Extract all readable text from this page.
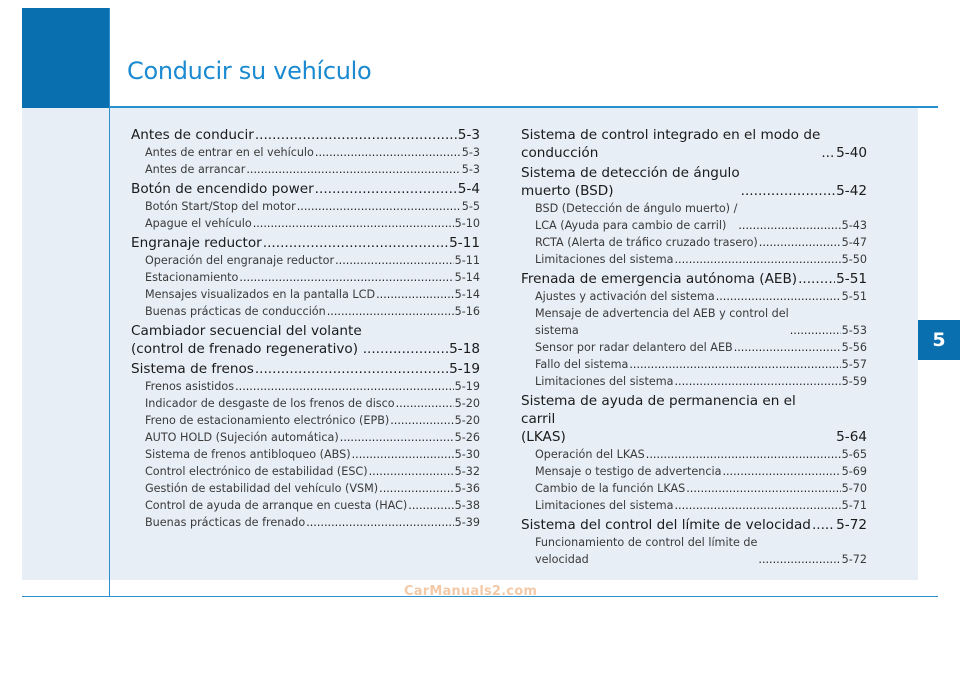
Conducir su vehículo
5
Antes de conducir .....	5-3
Antes de entrar en el vehículo .....	5-3
Antes de arrancar .....	5-3
Botón de encendido power .....	5-4
Botón Start/Stop del motor .....	5-5
Apague el vehículo .....	5-10
Engranaje reductor .....	5-11
Operación del engranaje reductor .....	5-11
Estacionamiento .....	5-14
Mensajes visualizados en la pantalla LCD .....	5-14
Buenas prácticas de conducción .....	5-16
Cambiador secuencial del volante
(control de frenado regenerativo) .....	5-18
Sistema de frenos .....	5-19
Frenos asistidos .....	5-19
Indicador de desgaste de los frenos de disco .....	5-20
Freno de estacionamiento electrónico (EPB) .....	5-20
AUTO HOLD (Sujeción automática) .....	5-26
Sistema de frenos antibloqueo (ABS) .....	5-30
Control electrónico de estabilidad (ESC) .....	5-32
Gestión de estabilidad del vehículo (VSM) .....	5-36
Control de ayuda de arranque en cuesta (HAC) .....	5-38
Buenas prácticas de frenado .....	5-39
Sistema de control integrado en el modo de
conducción .....	5-40
Sistema de detección de ángulo
muerto (BSD) .....	5-42
BSD (Detección de ángulo muerto) /
LCA (Ayuda para cambio de carril) .....	5-43
RCTA (Alerta de tráfico cruzado trasero) .....	5-47
Limitaciones del sistema .....	5-50
Frenada de emergencia autónoma (AEB) .....	5-51
Ajustes y activación del sistema .....	5-51
Mensaje de advertencia del AEB y control del
sistema .....	5-53
Sensor por radar delantero del AEB .....	5-56
Fallo del sistema .....	5-57
Limitaciones del sistema .....	5-59
Sistema de ayuda de permanencia en el carril
(LKAS)	5-64
Operación del LKAS .....	5-65
Mensaje o testigo de advertencia .....	5-69
Cambio de la función LKAS .....	5-70
Limitaciones del sistema .....	5-71
Sistema del control del límite de velocidad ..... 5-72
Funcionamiento de control del límite de
velocidad .....	5-72
CarManuals2.com
